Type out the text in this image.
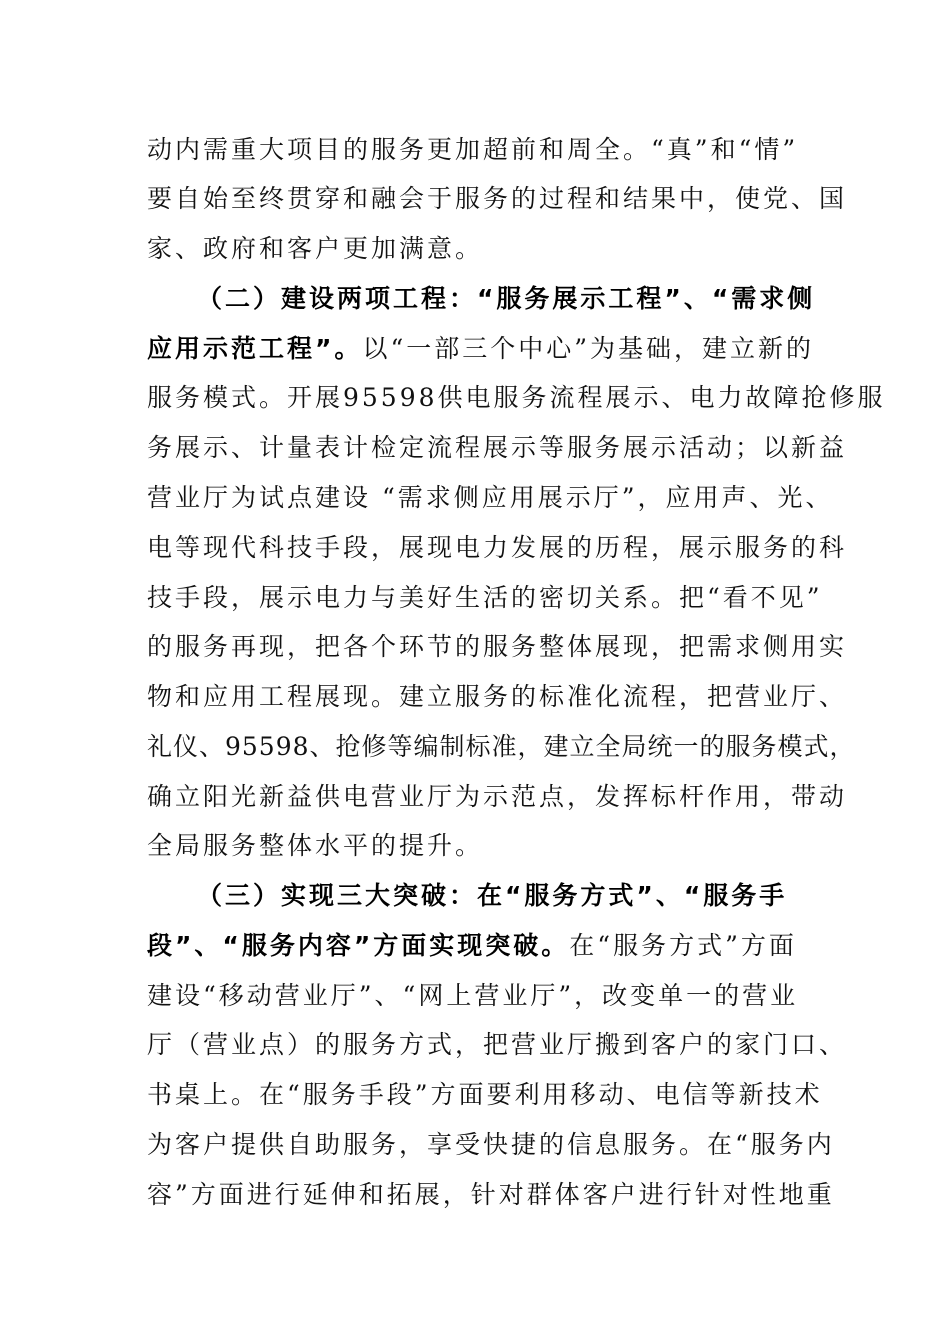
动内需重大项目的服务更加超前和周全。“真”和“情”
要自始至终贯穿和融会于服务的过程和结果中，使党、国
家、政府和客户更加满意。
（二）建设两项工程：“服务展示工程”、“需求侧
应用示范工程”。以“一部三个中心”为基础，建立新的
服务模式。开展95598供电服务流程展示、电力故障抢修服
务展示、计量表计检定流程展示等服务展示活动；以新益
营业厅为试点建设 “需求侧应用展示厅”，应用声、光、
电等现代科技手段，展现电力发展的历程，展示服务的科
技手段，展示电力与美好生活的密切关系。把“看不见”
的服务再现，把各个环节的服务整体展现，把需求侧用实
物和应用工程展现。建立服务的标准化流程，把营业厅、
礼仪、95598、抢修等编制标准，建立全局统一的服务模式，
确立阳光新益供电营业厅为示范点，发挥标杆作用，带动
全局服务整体水平的提升。
（三）实现三大突破：在“服务方式”、“服务手
段”、“服务内容”方面实现突破。在“服务方式”方面
建设“移动营业厅”、“网上营业厅”，改变单一的营业
厅（营业点）的服务方式，把营业厅搬到客户的家门口、
书桌上。在“服务手段”方面要利用移动、电信等新技术
为客户提供自助服务，享受快捷的信息服务。在“服务内
容”方面进行延伸和拓展，针对群体客户进行针对性地重
